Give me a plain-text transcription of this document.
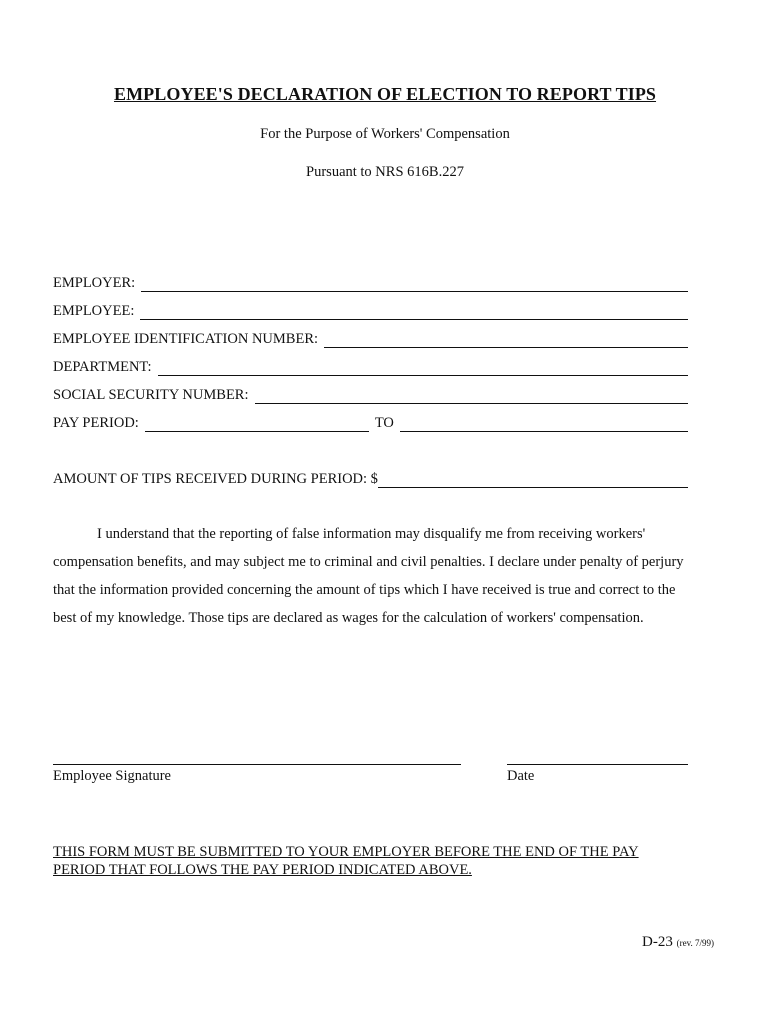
EMPLOYEE'S DECLARATION OF ELECTION TO REPORT TIPS
For the Purpose of Workers' Compensation
Pursuant to NRS 616B.227
EMPLOYER:
EMPLOYEE:
EMPLOYEE IDENTIFICATION NUMBER:
DEPARTMENT:
SOCIAL SECURITY NUMBER:
PAY PERIOD:	TO
AMOUNT OF TIPS RECEIVED DURING PERIOD: $
I understand that the reporting of false information may disqualify me from receiving workers' compensation benefits, and may subject me to criminal and civil penalties. I declare under penalty of perjury that the information provided concerning the amount of tips which I have received is true and correct to the best of my knowledge. Those tips are declared as wages for the calculation of workers' compensation.
Employee Signature	Date
THIS FORM MUST BE SUBMITTED TO YOUR EMPLOYER BEFORE THE END OF THE PAY
PERIOD THAT FOLLOWS THE PAY PERIOD INDICATED ABOVE.
D-23 (rev. 7/99)
